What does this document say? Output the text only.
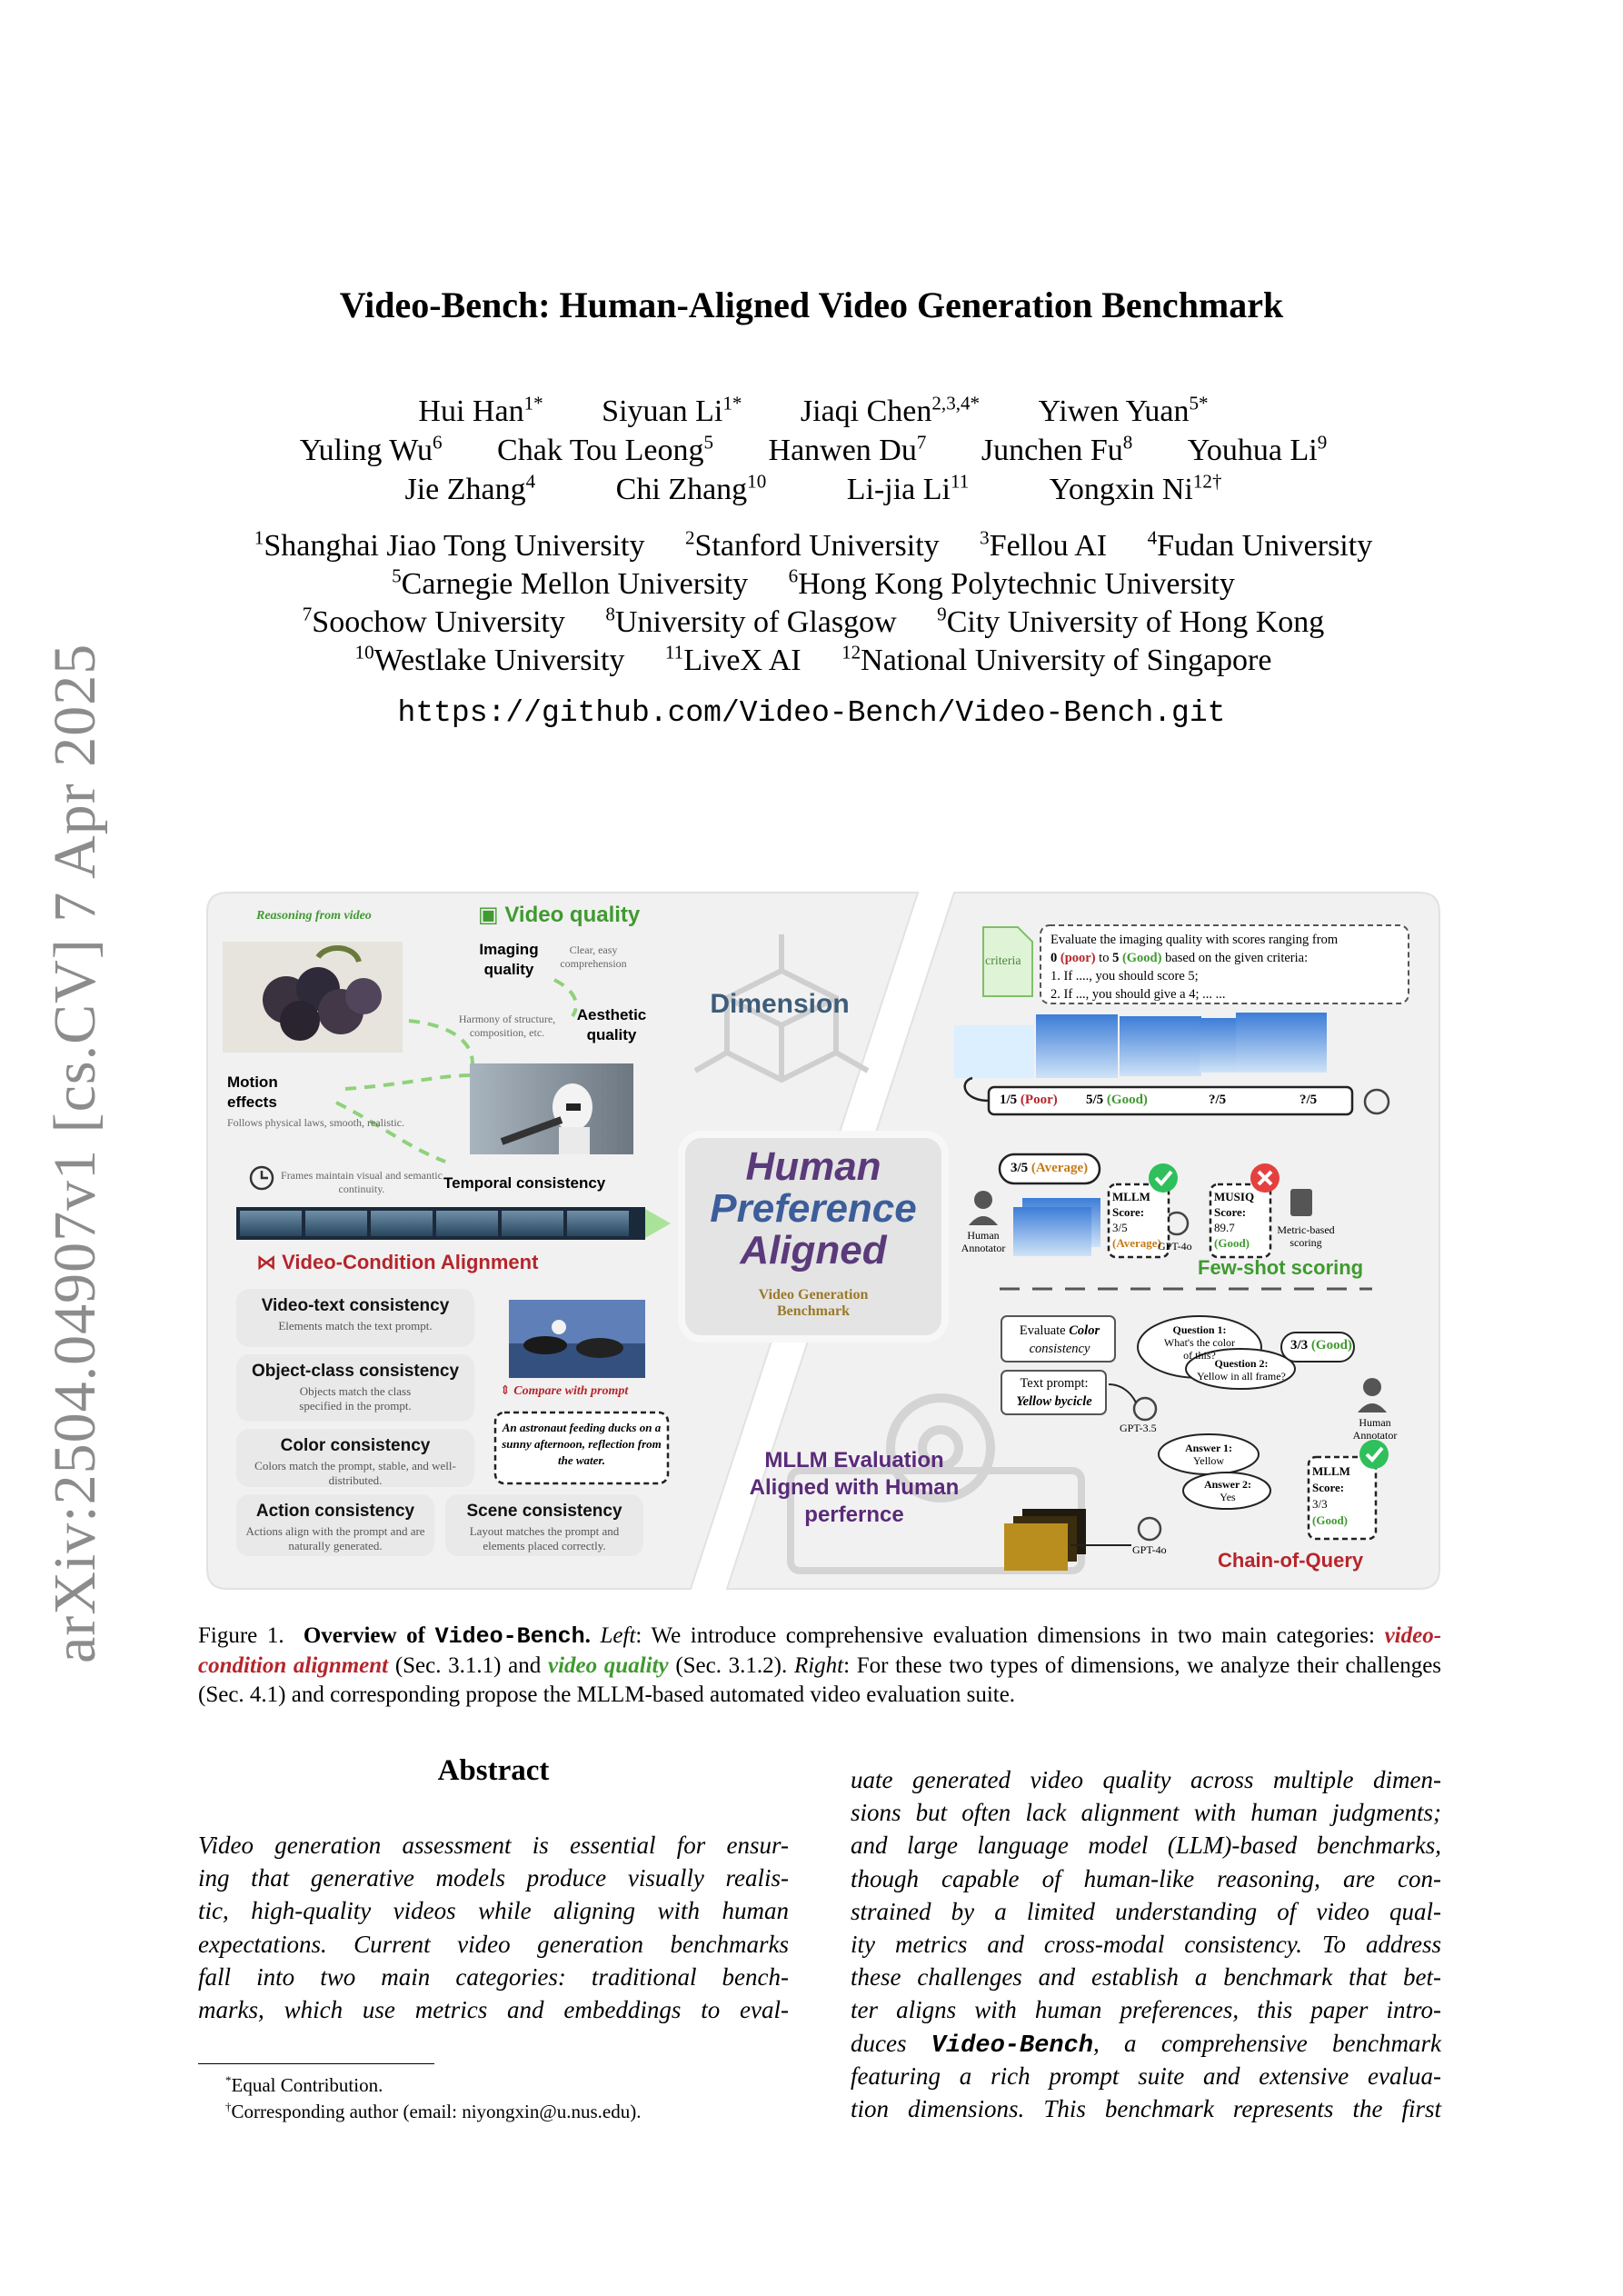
arXiv:2504.04907v1 [cs.CV] 7 Apr 2025
Video-Bench: Human-Aligned Video Generation Benchmark
Hui Han$^{1*}$ Siyuan $Li^{1*}$ Jiaqi Chen$^{2,3,4*}$ Yiwen Yuan$^{5*}$
Yuling Wu$^6$ Chak Tou Leong$^5$ Hanwen Du$^7$ Junchen Fu$^8$ Youhua Li$^9$
Jie Zhang$^4$	Chi Zhang$^{10}$	Li-jia Li$^{11}$	Yongxin $Ni^{12\dagger}$
$^1$Shanghai Jiao Tong University $^2$Stanford University $^3$Fellou AI $^4$Fudan University
$^5$Carnegie Mellon University $^6$Hong Kong Polytechnic University
$^7$Soochow University $^8$University of Glasgow $^9$City University of Hong Kong
$^{10}$Westlake University $^{11}$LiveX AI $^{12}$National University of Singapore
https://github.com/Video-Bench/Video-Bench.git
Reasoning from video	▣ Video quality
Imaging quality
Clear, easy comprehension
Harmony of structure, composition, etc.
Aesthetic quality
Motion effects
Follows physical laws, smooth, realistic.
Frames maintain visual and semantic continuity.	Temporal consistency
⋈ Video-Condition Alignment
Video-text consistency
Elements match the text prompt.
Object-class consistency
Objects match the class specified in the prompt.
Color consistency
Colors match the prompt, stable, and well-distributed.
Action consistency
Actions align with the prompt and are naturally generated.
Scene consistency
Layout matches the prompt and elements placed correctly.
⇕ Compare with prompt
An astronaut feeding ducks on a sunny afternoon, reflection from the water.
Dimension
Human
Preference
Aligned
Video Generation
Benchmark
MLLM Evaluation
Aligned with Human
perfernce
criteria
Evaluate the imaging quality with scores ranging from
0 (poor) to 5 (Good) based on the given criteria:
1. If ...., you should score 5;
2. If ..., you should give a 4; ... ...
1/5 (Poor) 5/5 (Good)	?/5	?/5
3/5 (Average)
Human Annotator
MLLM
Score:
3/5
(Average)
GPT-4o
MUSIQ
Score:
89.7
(Good)
Metric-based scoring
Few-shot scoring
Evaluate Color
consistency
Text prompt:
Yellow bycicle
GPT-3.5
Question 1:
What's the color
of this?
Question 2:
Yellow in all frame?
3/3 (Good)
Human Annotator
Answer 1:
Yellow
Answer 2:
Yes
MLLM
Score:
3/3
(Good)
GPT-4o	Chain-of-Query
Figure 1. Overview of Video-Bench. Left: We introduce comprehensive evaluation dimensions in two main categories: video-condition alignment (Sec. 3.1.1) and video quality (Sec. 3.1.2). Right: For these two types of dimensions, we analyze their challenges (Sec. 4.1) and corresponding propose the MLLM-based automated video evaluation suite.
Abstract
Video generation assessment is essential for ensur-
ing that generative models produce visually realis-
tic, high-quality videos while aligning with human
expectations. Current video generation benchmarks
fall into two main categories: traditional bench-
marks, which use metrics and embeddings to eval-
uate generated video quality across multiple dimen-
sions but often lack alignment with human judgments;
and large language model (LLM)-based benchmarks,
though capable of human-like reasoning, are con-
strained by a limited understanding of video qual-
ity metrics and cross-modal consistency. To address
these challenges and establish a benchmark that bet-
ter aligns with human preferences, this paper intro-
duces Video-Bench, a comprehensive benchmark
featuring a rich prompt suite and extensive evalua-
tion dimensions. This benchmark represents the first
*Equal Contribution.
†Corresponding author (email: niyongxin@u.nus.edu).
